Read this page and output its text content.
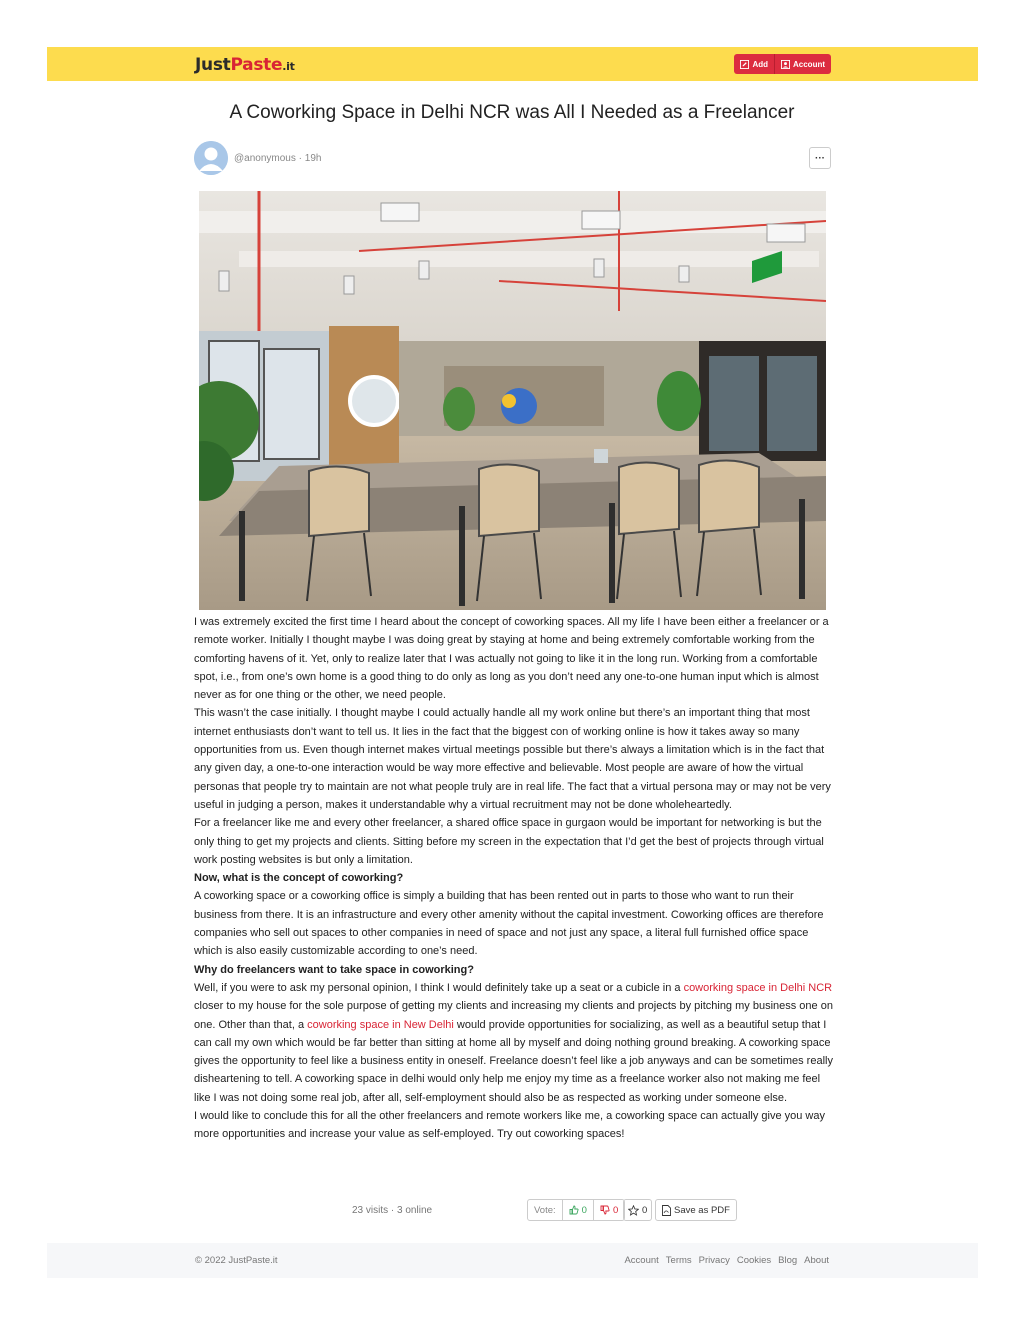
JustPaste.it	Add	Account
A Coworking Space in Delhi NCR was All I Needed as a Freelancer
@anonymous · 19h	···

I was extremely excited the first time I heard about the concept of coworking spaces. All my life I have been either a freelancer or a remote worker. Initially I thought maybe I was doing great by staying at home and being extremely comfortable working from the comforting havens of it. Yet, only to realize later that I was actually not going to like it in the long run. Working from a comfortable spot, i.e., from one’s own home is a good thing to do only as long as you don’t need any one-to-one human input which is almost never as for one thing or the other, we need people.

This wasn’t the case initially. I thought maybe I could actually handle all my work online but there’s an important thing that most internet enthusiasts don’t want to tell us. It lies in the fact that the biggest con of working online is how it takes away so many opportunities from us. Even though internet makes virtual meetings possible but there’s always a limitation which is in the fact that any given day, a one-to-one interaction would be way more effective and believable. Most people are aware of how the virtual personas that people try to maintain are not what people truly are in real life. The fact that a virtual persona may or may not be very useful in judging a person, makes it understandable why a virtual recruitment may not be done wholeheartedly.

For a freelancer like me and every other freelancer, a shared office space in gurgaon would be important for networking is but the only thing to get my projects and clients. Sitting before my screen in the expectation that I’d get the best of projects through virtual work posting websites is but only a limitation.

Now, what is the concept of coworking?

A coworking space or a coworking office is simply a building that has been rented out in parts to those who want to run their business from there. It is an infrastructure and every other amenity without the capital investment. Coworking offices are therefore companies who sell out spaces to other companies in need of space and not just any space, a literal full furnished office space which is also easily customizable according to one’s need.

Why do freelancers want to take space in coworking?

Well, if you were to ask my personal opinion, I think I would definitely take up a seat or a cubicle in a coworking space in Delhi NCR closer to my house for the sole purpose of getting my clients and increasing my clients and projects by pitching my business one on one. Other than that, a coworking space in New Delhi would provide opportunities for socializing, as well as a beautiful setup that I can call my own which would be far better than sitting at home all by myself and doing nothing ground breaking. A coworking space gives the opportunity to feel like a business entity in oneself. Freelance doesn’t feel like a job anyways and can be sometimes really disheartening to tell. A coworking space in delhi would only help me enjoy my time as a freelance worker also not making me feel like I was not doing some real job, after all, self-employment should also be as respected as working under someone else.

I would like to conclude this for all the other freelancers and remote workers like me, a coworking space can actually give you way more opportunities and increase your value as self-employed. Try out coworking spaces!

23 visits · 3 online	Vote:	0	0 0	Save as PDF
© 2022 JustPaste.it	Account Terms Privacy Cookies Blog About
